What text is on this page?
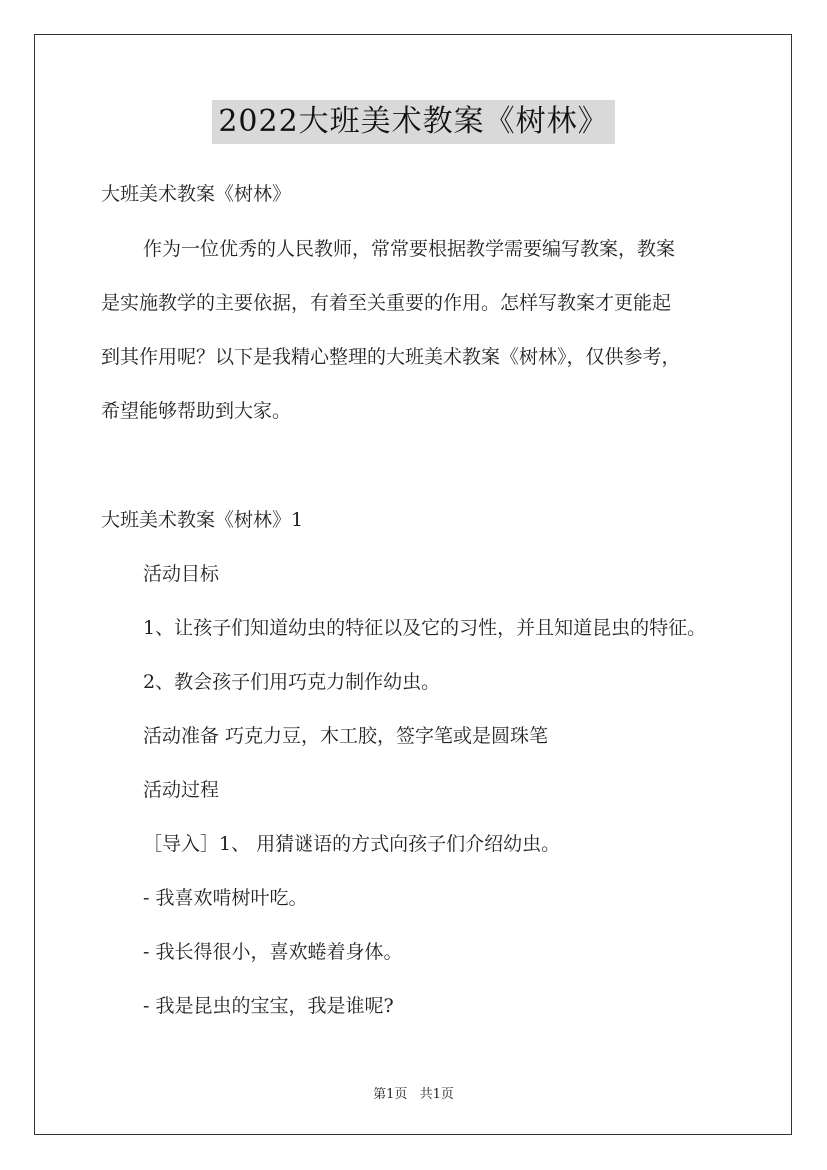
2022大班美术教案《树林》
大班美术教案《树林》
作为一位优秀的人民教师，常常要根据教学需要编写教案，教案
是实施教学的主要依据，有着至关重要的作用。怎样写教案才更能起
到其作用呢？以下是我精心整理的大班美术教案《树林》，仅供参考，
希望能够帮助到大家。
大班美术教案《树林》1
活动目标
1、让孩子们知道幼虫的特征以及它的习性，并且知道昆虫的特征。
2、教会孩子们用巧克力制作幼虫。
活动准备 巧克力豆，木工胶，签字笔或是圆珠笔
活动过程
［导入］1、 用猜谜语的方式向孩子们介绍幼虫。
- 我喜欢啃树叶吃。
- 我长得很小，喜欢蜷着身体。
- 我是昆虫的宝宝，我是谁呢?
第1页 共1页
